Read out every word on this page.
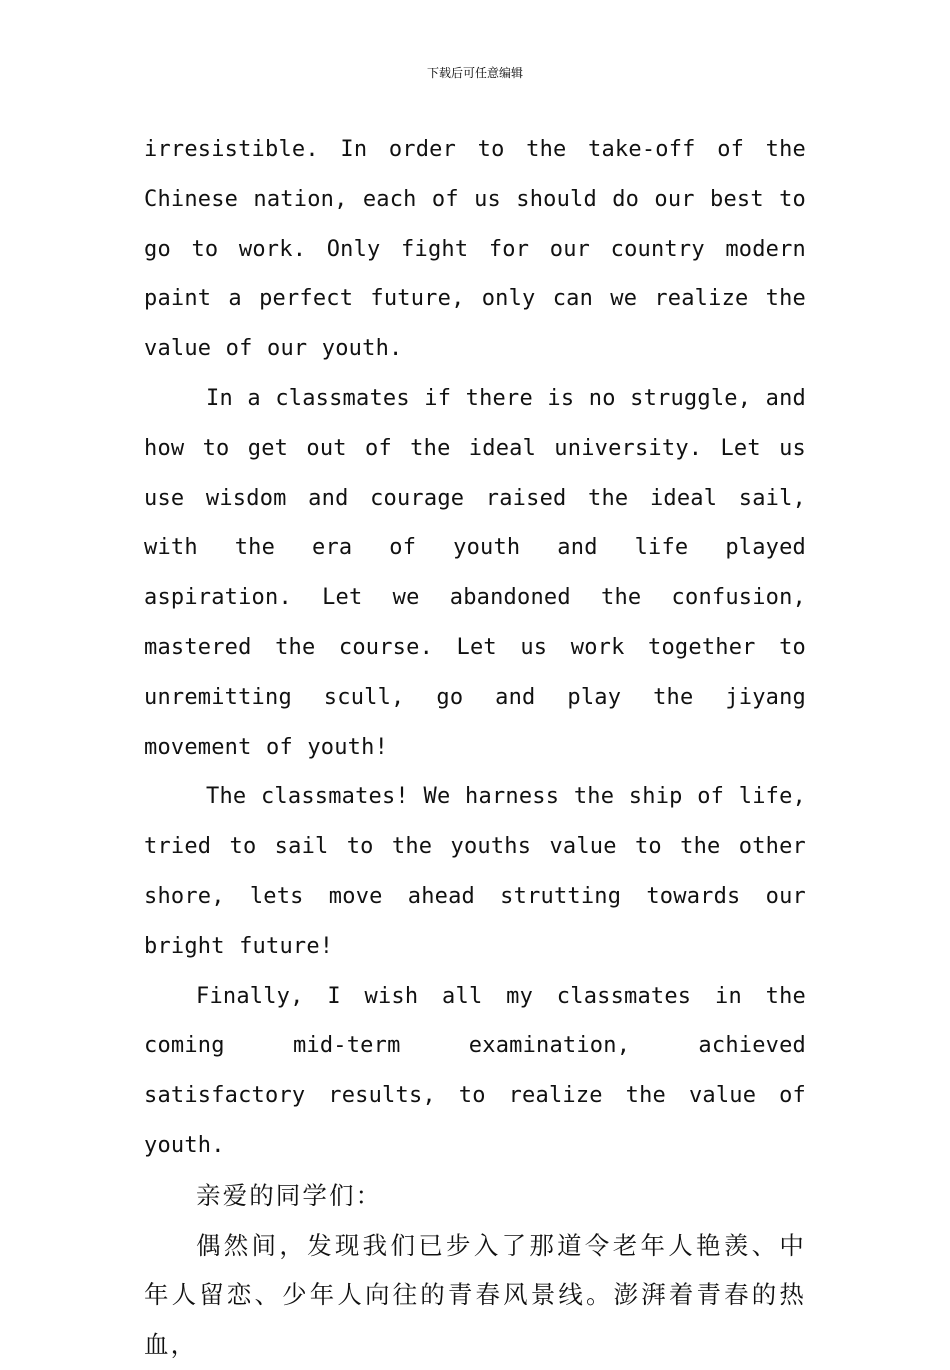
下载后可任意编辑

irresistible. In order to the take-off of the Chinese nation, each of us should do our best to go to work. Only fight for our country modern paint a perfect future, only can we realize the value of our youth.

In a classmates if there is no struggle, and how to get out of the ideal university. Let us use wisdom and courage raised the ideal sail, with the era of youth and life played aspiration. Let we abandoned the confusion, mastered the course. Let us work together to unremitting scull, go and play the jiyang movement of youth!

The classmates! We harness the ship of life, tried to sail to the youths value to the other shore, lets move ahead strutting towards our bright future!

Finally, I wish all my classmates in the coming mid-term examination, achieved satisfactory results, to realize the value of youth.

亲爱的同学们：

偶然间，发现我们已步入了那道令老年人艳羡、中年人留恋、少年人向往的青春风景线。澎湃着青春的热血，
